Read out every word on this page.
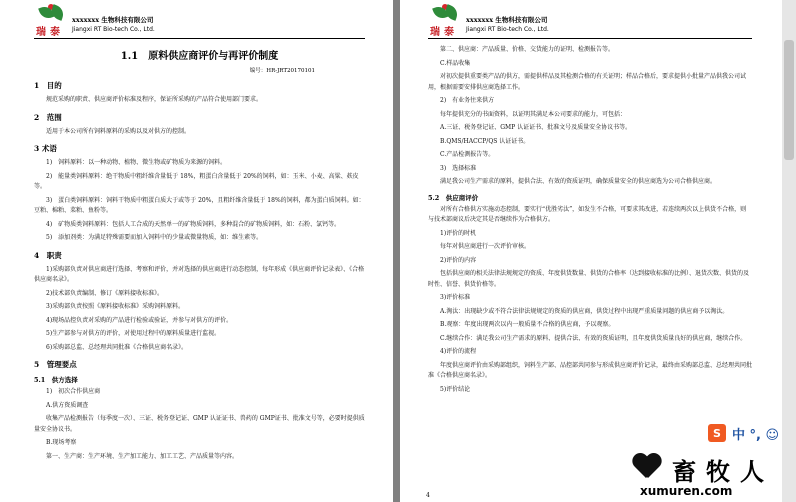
瑞泰
xxxxxxx 生物科技有限公司
Jiangxi RT Bio-tech Co., Ltd.
1.1　原料供应商评价与再评价制度
编号：HR-JRT20170101
1　目的

规范采购的职责、供应商评价标准及程序，保证所采购的产品符合使用部门要求。

2　范围

适用于本公司所有饲料原料的采购以及对供方的控制。

3 术语

1)　饲料原料：以一种动物、植物、微生物或矿物质为来源的饲料。

2)　能量类饲料原料：绝干物质中粗纤维含量低于 18%，粗蛋白含量低于 20%的饲料，如：玉米、小麦、高粱、麸皮等。

3)　蛋白类饲料原料：饲料干物质中粗蛋白质大于或等于 20%，且粗纤维含量低于 18%的饲料，都为蛋白质饲料。如：豆粕、棉粕、菜粕、鱼粉等。

4)　矿物质类饲料原料：包括人工合成的天然单一的矿物质饲料，多种混合的矿物质饲料，如：石粉、氯钙等。

5)　添加剂类：为满足特殊需要而加入饲料中的少量或微量物质，如：维生素等。

4　职责

1)采购部负责对供应商进行选择、考察和评价，并对选择的供应商进行动态控制，每年形成《供应商评价记录表》、《合格供应商名录》。

2)技术部负责编制、修订《原料接收标准》。

3)采购部负责按照《原料接收标准》采购饲料原料。

4)现场品控负责对采购的产品进行检验或验证，并参与对供方的评价。

5)生产部参与对供方的评价，对使用过程中的原料质量进行监视。

6)采购部总监、总经理共同批准《合格供应商名录》。

5　管理要点
5.1　供方选择

1)　初次合作供应商

A.供方资质调查

收集产品检测报告（每季度一次）、三证、税务登记证、GMP 认证证书、兽药的 GMP证书、批准文号等，必要时提供质量安全协议书。

B.现场考察

第一、生产商：生产环境、生产加工能力、加工工艺、产品质量等内容。

瑞泰
xxxxxxx 生物科技有限公司
Jiangxi RT Bio-tech Co., Ltd.

第二、供应商：产品质量、价格、交货能力的证明、检测报告等。

C.样品收集

对初次提供重要类产品的供方，需提供样品及其检测合格的有关证明；样品合格后，要求提供小批量产品供我公司试用，根据需要安排供应商选择工作。

2)　有业务往来供方

每年提供充分的书面资料，以证明其满足本公司要求的能力，可包括：

A.三证、税务登记证、GMP 认证证书、批准文号及质量安全协议书等。

B.QMS/HACCP/QS 认证证书。

C.产品检测报告等。

3)　选择标准

满足我公司生产需求的原料，提供合法、有效的资质证明，确保质量安全的供应商选为公司合格供应商。

5.2　供应商评价

对所有合格供方实施动态控制，要实行“优胜劣汰”，如发生不合格，可要求其改进，若连续两次以上供货不合格，则与技术部商议后决定其是否继续作为合格供方。

1)评价的时机

每年对供应商进行一次评价审核。

2)评价的内容

包括供应商的相关法律法规规定的资质、年度供货数量、供货的合格率（达到接收标准的比例）、退货次数、供货的及时性、信誉、供货价格等。

3)评价标准

A.淘汰：出现缺少或不符合法律法规规定的资质的供应商，供货过程中出现严重质量问题的供应商予以淘汰。

B.观察：年度出现两次以内一般质量不合格的供应商，予以观察。

C.继续合作：满足我公司生产需求的原料、提供合法、有效的资质证明，且年度供货质量良好的供应商，继续合作。

4)评价的流程

年度供应商评价由采购部组织，饲料生产部、品控部共同参与形成供应商评价记录，最终由采购部总监、总经理共同批准《合格供应商名录》。

5)评价结论

4
S 中 °, ☺
畜牧人
xumuren.com
